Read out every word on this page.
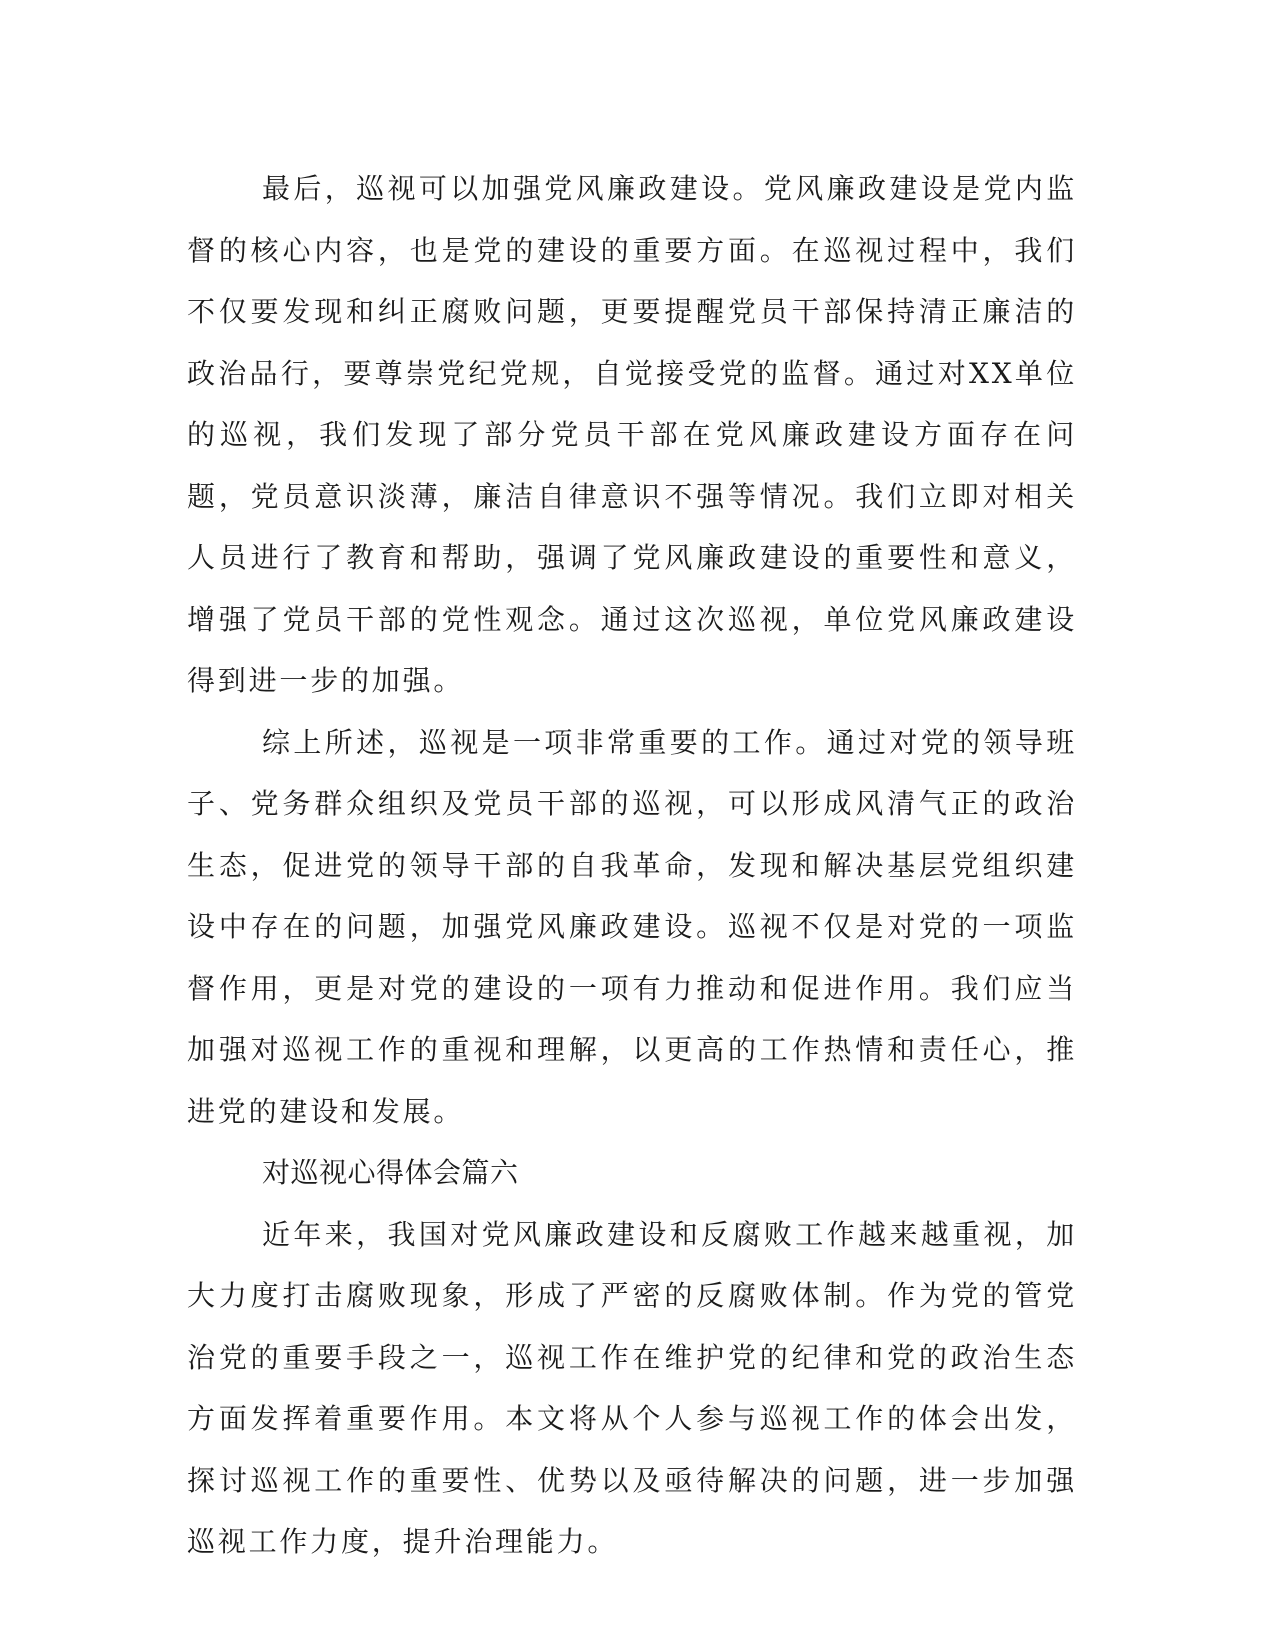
最后，巡视可以加强党风廉政建设。党风廉政建设是党内监督的核心内容，也是党的建设的重要方面。在巡视过程中，我们不仅要发现和纠正腐败问题，更要提醒党员干部保持清正廉洁的政治品行，要尊崇党纪党规，自觉接受党的监督。通过对XX单位的巡视，我们发现了部分党员干部在党风廉政建设方面存在问题，党员意识淡薄，廉洁自律意识不强等情况。我们立即对相关人员进行了教育和帮助，强调了党风廉政建设的重要性和意义，增强了党员干部的党性观念。通过这次巡视，单位党风廉政建设得到进一步的加强。

综上所述，巡视是一项非常重要的工作。通过对党的领导班子、党务群众组织及党员干部的巡视，可以形成风清气正的政治生态，促进党的领导干部的自我革命，发现和解决基层党组织建设中存在的问题，加强党风廉政建设。巡视不仅是对党的一项监督作用，更是对党的建设的一项有力推动和促进作用。我们应当加强对巡视工作的重视和理解，以更高的工作热情和责任心，推进党的建设和发展。

对巡视心得体会篇六

近年来，我国对党风廉政建设和反腐败工作越来越重视，加大力度打击腐败现象，形成了严密的反腐败体制。作为党的管党治党的重要手段之一，巡视工作在维护党的纪律和党的政治生态方面发挥着重要作用。本文将从个人参与巡视工作的体会出发，探讨巡视工作的重要性、优势以及亟待解决的问题，进一步加强巡视工作力度，提升治理能力。
